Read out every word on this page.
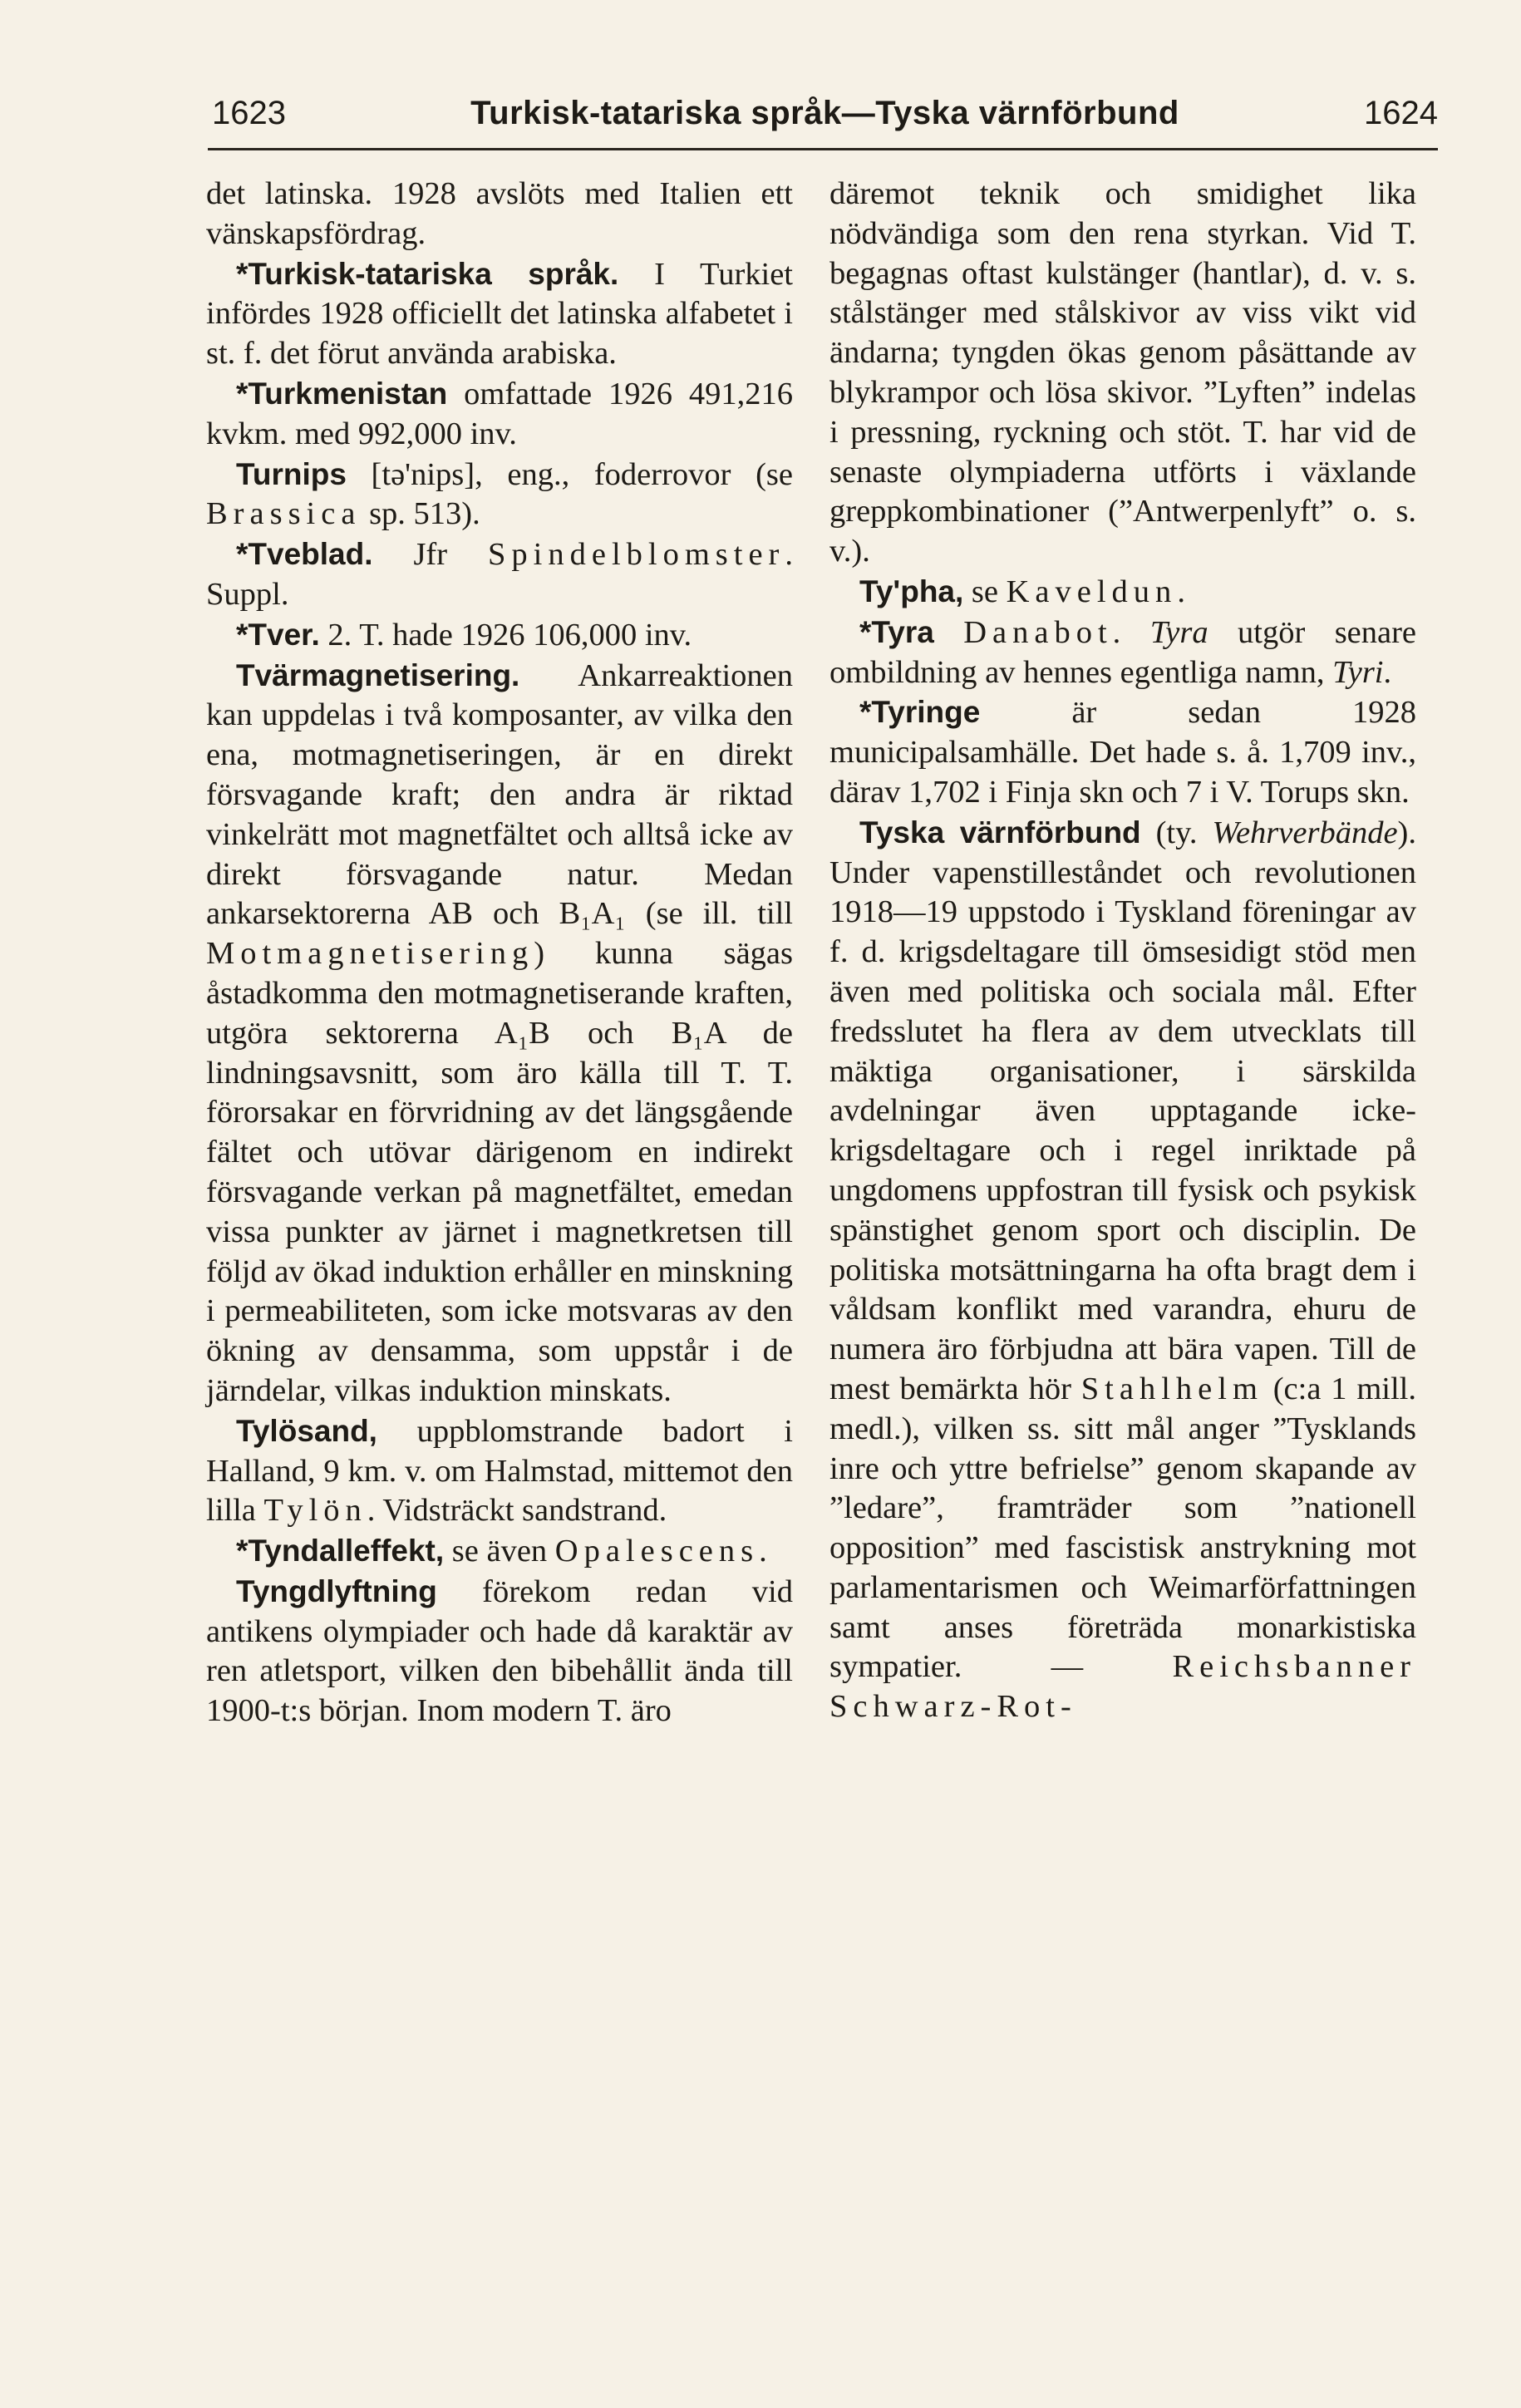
1623	Turkisk-tatariska språk—Tyska värnförbund	1624

det latinska. 1928 avslöts med Italien ett vänskapsfördrag.

*Turkisk-tatariska språk. I Turkiet infördes 1928 officiellt det latinska alfabetet i st. f. det förut använda arabiska.

*Turkmenistan omfattade 1926 491,216 kvkm. med 992,000 inv.

Turnips [tə'nips], eng., foderrovor (se Brassica sp. 513).

*Tveblad. Jfr Spindelblomster. Suppl.

*Tver. 2. T. hade 1926 106,000 inv.

Tvärmagnetisering. Ankarreaktionen kan uppdelas i två komposanter, av vilka den ena, motmagnetiseringen, är en direkt försvagande kraft; den andra är riktad vinkelrätt mot magnetfältet och alltså icke av direkt försvagande natur. Medan ankarsektorerna AB och B₁A₁ (se ill. till Motmagnetisering) kunna sägas åstadkomma den motmagnetiserande kraften, utgöra sektorerna A₁B och B₁A de lindningsavsnitt, som äro källa till T. T. förorsakar en förvridning av det längsgående fältet och utövar därigenom en indirekt försvagande verkan på magnetfältet, emedan vissa punkter av järnet i magnetkretsen till följd av ökad induktion erhåller en minskning i permeabiliteten, som icke motsvaras av den ökning av densamma, som uppstår i de järndelar, vilkas induktion minskats.

Tylösand, uppblomstrande badort i Halland, 9 km. v. om Halmstad, mittemot den lilla Tylön. Vidsträckt sandstrand.

*Tyndalleffekt, se även Opalescens.

Tyngdlyftning förekom redan vid antikens olympiader och hade då karaktär av ren atletsport, vilken den bibehållit ända till 1900-t:s början. Inom modern T. äro

däremot teknik och smidighet lika nödvändiga som den rena styrkan. Vid T. begagnas oftast kulstänger (hantlar), d. v. s. stålstänger med stålskivor av viss vikt vid ändarna; tyngden ökas genom påsättande av blykrampor och lösa skivor. ”Lyften” indelas i pressning, ryckning och stöt. T. har vid de senaste olympiaderna utförts i växlande greppkombinationer (”Antwerpenlyft” o. s. v.).

Ty'pha, se Kaveldun.

*Tyra Danabot. Tyra utgör senare ombildning av hennes egentliga namn, Tyri.

*Tyringe är sedan 1928 municipalsamhälle. Det hade s. å. 1,709 inv., därav 1,702 i Finja skn och 7 i V. Torups skn.

Tyska värnförbund (ty. Wehrverbände). Under vapenstilleståndet och revolutionen 1918—19 uppstodo i Tyskland föreningar av f. d. krigsdeltagare till ömsesidigt stöd men även med politiska och sociala mål. Efter fredsslutet ha flera av dem utvecklats till mäktiga organisationer, i särskilda avdelningar även upptagande icke-krigsdeltagare och i regel inriktade på ungdomens uppfostran till fysisk och psykisk spänstighet genom sport och disciplin. De politiska motsättningarna ha ofta bragt dem i våldsam konflikt med varandra, ehuru de numera äro förbjudna att bära vapen. Till de mest bemärkta hör Stahlhelm (c:a 1 mill. medl.), vilken ss. sitt mål anger ”Tysklands inre och yttre befrielse” genom skapande av ”ledare”, framträder som ”nationell opposition” med fascistisk anstrykning mot parlamentarismen och Weimarförfattningen samt anses företräda monarkistiska sympatier. — Reichsbanner Schwarz-Rot-
